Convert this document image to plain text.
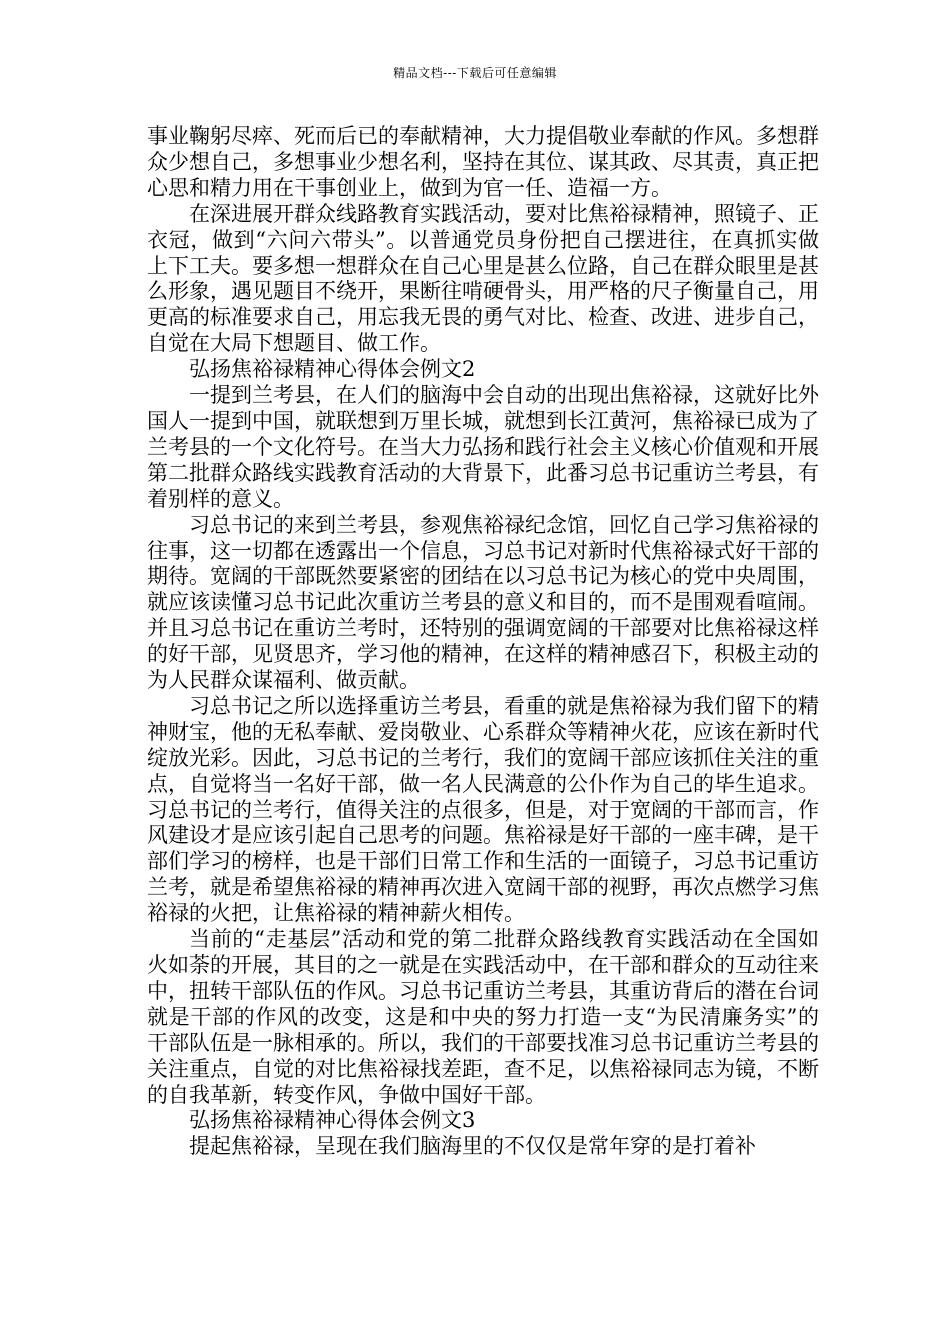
精品文档---下载后可任意编辑

事业鞠躬尽瘁、死而后已的奉献精神，大力提倡敬业奉献的作风。多想群众少想自己，多想事业少想名利，坚持在其位、谋其政、尽其责，真正把心思和精力用在干事创业上，做到为官一任、造福一方。

在深进展开群众线路教育实践活动，要对比焦裕禄精神，照镜子、正衣冠，做到“六问六带头”。以普通党员身份把自己摆进往，在真抓实做上下工夫。要多想一想群众在自己心里是甚么位路，自己在群众眼里是甚么形象，遇见题目不绕开，果断往啃硬骨头，用严格的尺子衡量自己，用更高的标准要求自己，用忘我无畏的勇气对比、检查、改进、进步自己，自觉在大局下想题目、做工作。

弘扬焦裕禄精神心得体会例文2

一提到兰考县，在人们的脑海中会自动的出现出焦裕禄，这就好比外国人一提到中国，就联想到万里长城，就想到长江黄河，焦裕禄已成为了兰考县的一个文化符号。在当大力弘扬和践行社会主义核心价值观和开展第二批群众路线实践教育活动的大背景下，此番习总书记重访兰考县，有着别样的意义。

习总书记的来到兰考县，参观焦裕禄纪念馆，回忆自己学习焦裕禄的往事，这一切都在透露出一个信息，习总书记对新时代焦裕禄式好干部的期待。宽阔的干部既然要紧密的团结在以习总书记为核心的党中央周围，就应该读懂习总书记此次重访兰考县的意义和目的，而不是围观看喧闹。并且习总书记在重访兰考时，还特别的强调宽阔的干部要对比焦裕禄这样的好干部，见贤思齐，学习他的精神，在这样的精神感召下，积极主动的为人民群众谋福利、做贡献。

习总书记之所以选择重访兰考县，看重的就是焦裕禄为我们留下的精神财宝，他的无私奉献、爱岗敬业、心系群众等精神火花，应该在新时代绽放光彩。因此，习总书记的兰考行，我们的宽阔干部应该抓住关注的重点，自觉将当一名好干部，做一名人民满意的公仆作为自己的毕生追求。习总书记的兰考行，值得关注的点很多，但是，对于宽阔的干部而言，作风建设才是应该引起自己思考的问题。焦裕禄是好干部的一座丰碑，是干部们学习的榜样，也是干部们日常工作和生活的一面镜子，习总书记重访兰考，就是希望焦裕禄的精神再次进入宽阔干部的视野，再次点燃学习焦裕禄的火把，让焦裕禄的精神薪火相传。

当前的“走基层”活动和党的第二批群众路线教育实践活动在全国如火如荼的开展，其目的之一就是在实践活动中，在干部和群众的互动往来中，扭转干部队伍的作风。习总书记重访兰考县，其重访背后的潜在台词就是干部的作风的改变，这是和中央的努力打造一支“为民清廉务实”的干部队伍是一脉相承的。所以，我们的干部要找准习总书记重访兰考县的关注重点，自觉的对比焦裕禄找差距，查不足，以焦裕禄同志为镜，不断的自我革新，转变作风，争做中国好干部。

弘扬焦裕禄精神心得体会例文3

提起焦裕禄，呈现在我们脑海里的不仅仅是常年穿的是打着补
